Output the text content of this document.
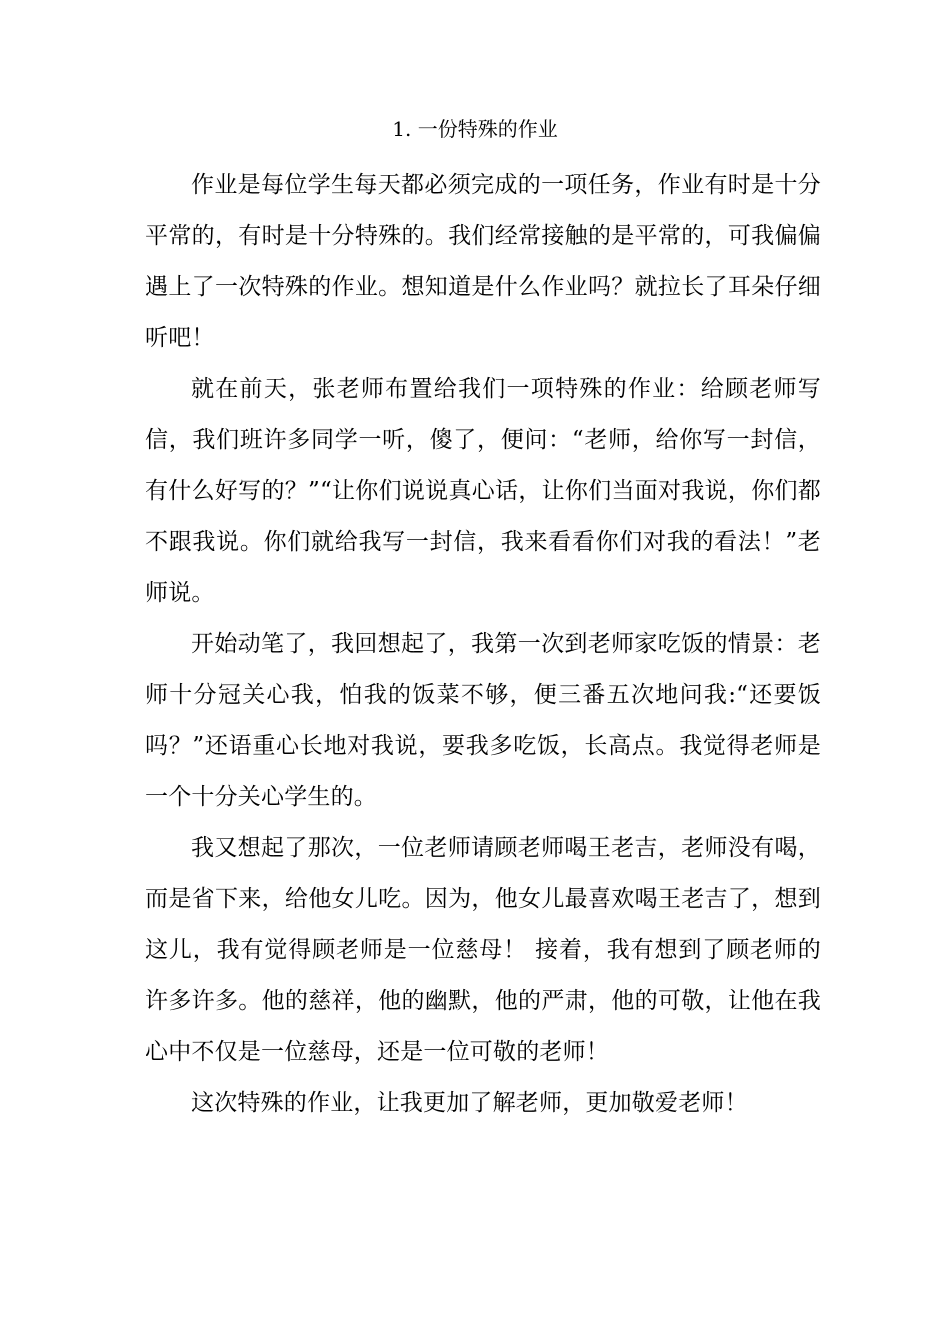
1. 一份特殊的作业

作业是每位学生每天都必须完成的一项任务，作业有时是十分平常的，有时是十分特殊的。我们经常接触的是平常的，可我偏偏遇上了一次特殊的作业。想知道是什么作业吗？就拉长了耳朵仔细听吧！

就在前天，张老师布置给我们一项特殊的作业：给顾老师写信，我们班许多同学一听，傻了，便问：“老师，给你写一封信，有什么好写的？”“让你们说说真心话，让你们当面对我说，你们都不跟我说。你们就给我写一封信，我来看看你们对我的看法！”老师说。

开始动笔了，我回想起了，我第一次到老师家吃饭的情景：老师十分冠关心我，怕我的饭菜不够，便三番五次地问我:“还要饭吗？”还语重心长地对我说，要我多吃饭，长高点。我觉得老师是一个十分关心学生的。

我又想起了那次，一位老师请顾老师喝王老吉，老师没有喝，而是省下来，给他女儿吃。因为，他女儿最喜欢喝王老吉了，想到这儿，我有觉得顾老师是一位慈母！ 接着，我有想到了顾老师的许多许多。他的慈祥，他的幽默，他的严肃，他的可敬，让他在我心中不仅是一位慈母，还是一位可敬的老师！

这次特殊的作业，让我更加了解老师，更加敬爱老师！
